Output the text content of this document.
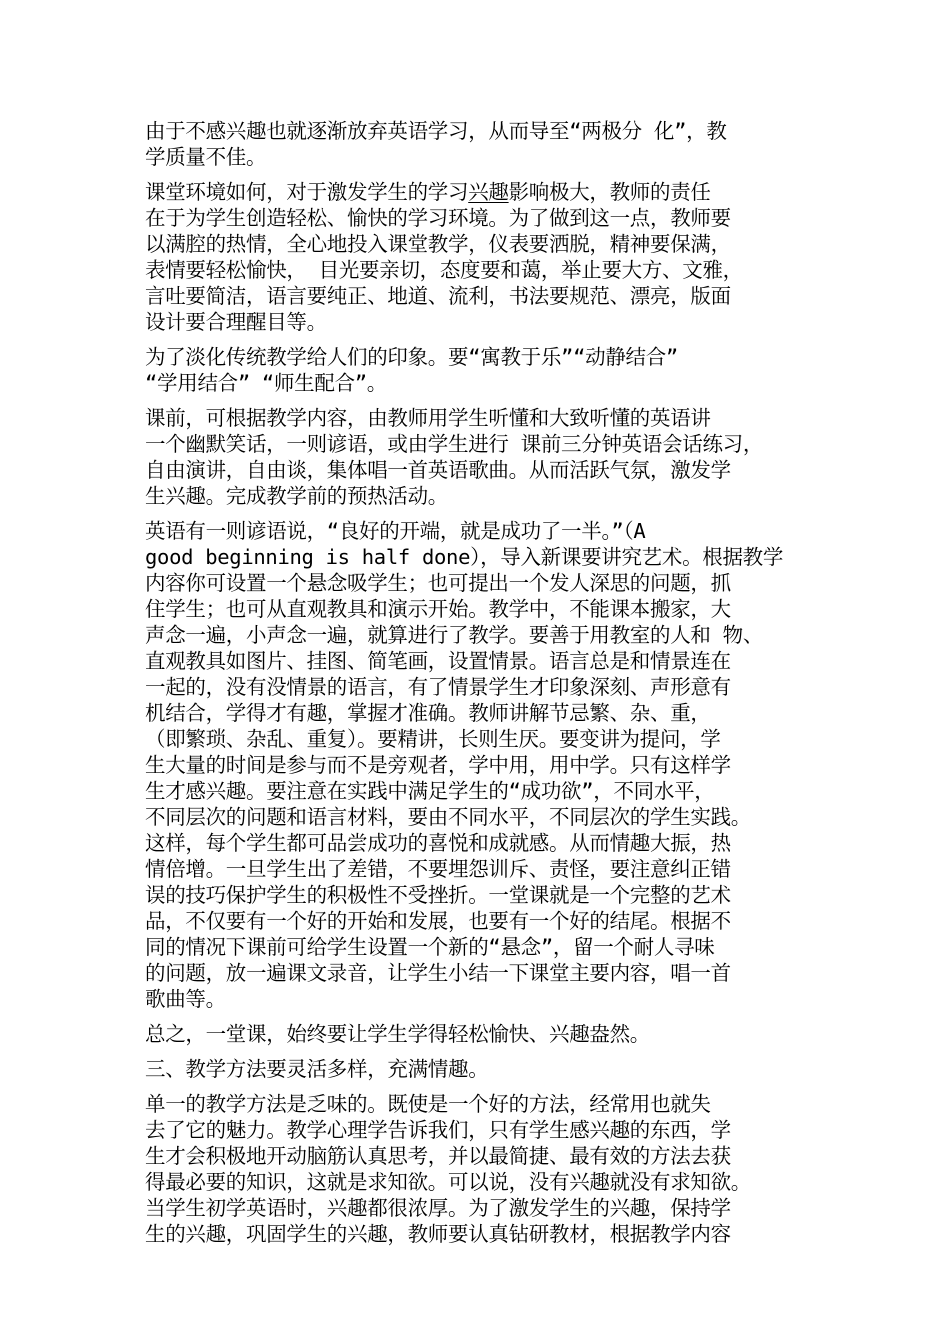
由于不感兴趣也就逐渐放弃英语学习，从而导至“两极分 化”，教
学质量不佳。

课堂环境如何，对于激发学生的学习兴趣影响极大，教师的责任
在于为学生创造轻松、愉快的学习环境。为了做到这一点，教师要
以满腔的热情，全心地投入课堂教学，仪表要洒脱，精神要保满，
表情要轻松愉快， 目光要亲切，态度要和蔼，举止要大方、文雅，
言吐要简洁，语言要纯正、地道、流利，书法要规范、漂亮，版面
设计要合理醒目等。

为了淡化传统教学给人们的印象。要“寓教于乐”“动静结合”
“学用结合” “师生配合”。

课前，可根据教学内容，由教师用学生听懂和大致听懂的英语讲
一个幽默笑话，一则谚语，或由学生进行 课前三分钟英语会话练习，
自由演讲，自由谈，集体唱一首英语歌曲。从而活跃气氛，激发学
生兴趣。完成教学前的预热活动。

英语有一则谚语说，“良好的开端，就是成功了一半。”（A
good beginning is half done），导入新课要讲究艺术。根据教学
内容你可设置一个悬念吸学生；也可提出一个发人深思的问题，抓
住学生；也可从直观教具和演示开始。教学中，不能课本搬家，大
声念一遍，小声念一遍，就算进行了教学。要善于用教室的人和 物、
直观教具如图片、挂图、简笔画，设置情景。语言总是和情景连在
一起的，没有没情景的语言，有了情景学生才印象深刻、声形意有
机结合，学得才有趣，掌握才准确。教师讲解节忌繁、杂、重，
（即繁琐、杂乱、重复）。要精讲，长则生厌。要变讲为提问，学
生大量的时间是参与而不是旁观者，学中用，用中学。只有这样学
生才感兴趣。要注意在实践中满足学生的“成功欲”，不同水平，
不同层次的问题和语言材料，要由不同水平，不同层次的学生实践。
这样，每个学生都可品尝成功的喜悦和成就感。从而情趣大振，热
情倍增。一旦学生出了差错，不要埋怨训斥、责怪，要注意纠正错
误的技巧保护学生的积极性不受挫折。一堂课就是一个完整的艺术
品，不仅要有一个好的开始和发展，也要有一个好的结尾。根据不
同的情况下课前可给学生设置一个新的“悬念”，留一个耐人寻味
的问题，放一遍课文录音，让学生小结一下课堂主要内容，唱一首
歌曲等。

总之，一堂课，始终要让学生学得轻松愉快、兴趣盎然。

三、教学方法要灵活多样，充满情趣。

单一的教学方法是乏味的。既使是一个好的方法，经常用也就失
去了它的魅力。教学心理学告诉我们，只有学生感兴趣的东西，学
生才会积极地开动脑筋认真思考，并以最简捷、最有效的方法去获
得最必要的知识，这就是求知欲。可以说，没有兴趣就没有求知欲。
当学生初学英语时，兴趣都很浓厚。为了激发学生的兴趣，保持学
生的兴趣，巩固学生的兴趣，教师要认真钻研教材，根据教学内容
